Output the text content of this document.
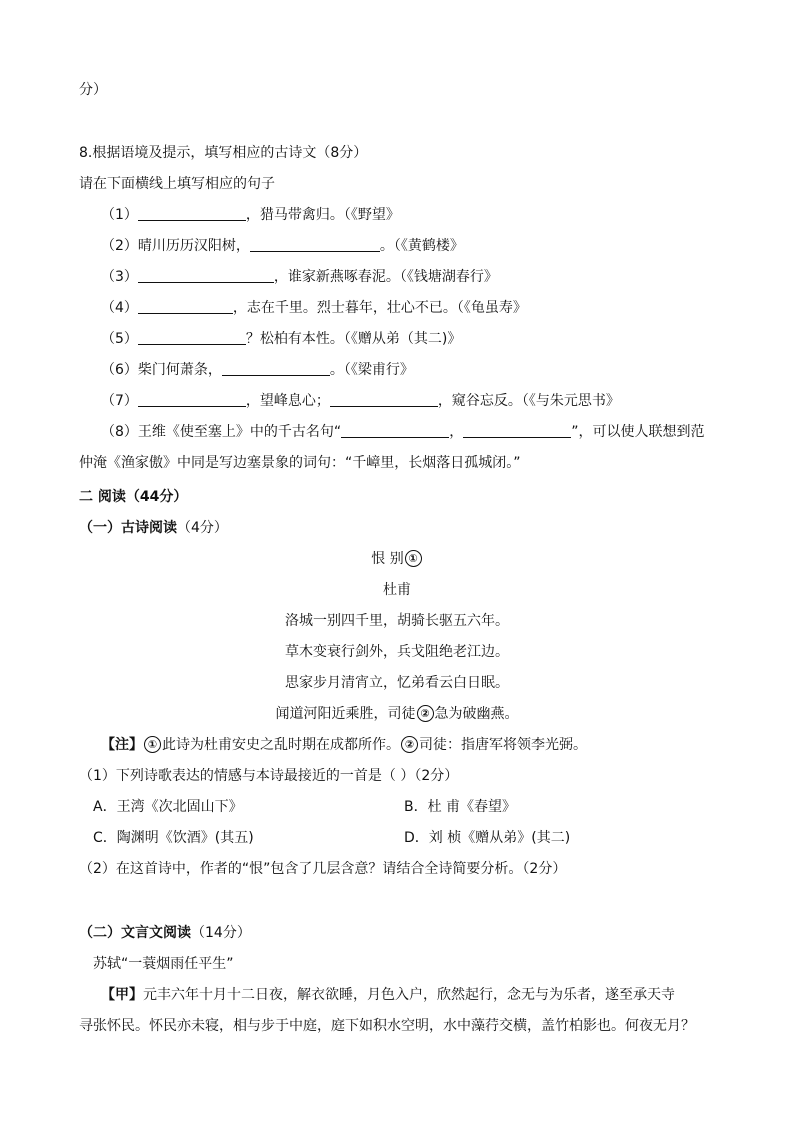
分）
8.根据语境及提示，填写相应的古诗文（8分）
请在下面横线上填写相应的句子
（1）	，猎马带禽归。（《野望》
（2）晴川历历汉阳树，	。（《黄鹤楼》
（3）	，谁家新燕啄春泥。（《钱塘湖春行》
（4）	，志在千里。烈士暮年，壮心不已。（《龟虽寿》
（5）	？松柏有本性。（《赠从弟（其二)》
（6）柴门何萧条，	。（《梁甫行》
（7）	，望峰息心；	，窥谷忘反。（《与朱元思书》
（8）王维《使至塞上》中的千古名句“	，	”，可以使人联想到范
仲淹《渔家傲》中同是写边塞景象的词句：“千嶂里，长烟落日孤城闭。”
二 阅读（44分）
（一）古诗阅读（4分）
恨 别 ①
杜甫
洛城一别四千里，胡骑长驱五六年。
草木变衰行剑外，兵戈阻绝老江边。
思家步月清宵立，忆弟看云白日眠。
闻道河阳近乘胜，司徒 ② 急为破幽燕。
【注】 ① 此诗为杜甫安史之乱时期在成都所作。 ② 司徒：指唐军将领李光弼。
（1）下列诗歌表达的情感与本诗最接近的一首是（ ）（2分）
A．王湾《次北固山下》	B．杜 甫《春望》
C．陶渊明《饮酒》(其五)	D．刘 桢《赠从弟》(其二)
（2）在这首诗中，作者的“恨”包含了几层含意？请结合全诗简要分析。（2分）
（二）文言文阅读（14分）
苏轼“一蓑烟雨任平生”
【甲】元丰六年十月十二日夜，解衣欲睡，月色入户，欣然起行，念无与为乐者，遂至承天寺
寻张怀民。怀民亦未寝，相与步于中庭，庭下如积水空明，水中藻荇交横，盖竹柏影也。何夜无月？
